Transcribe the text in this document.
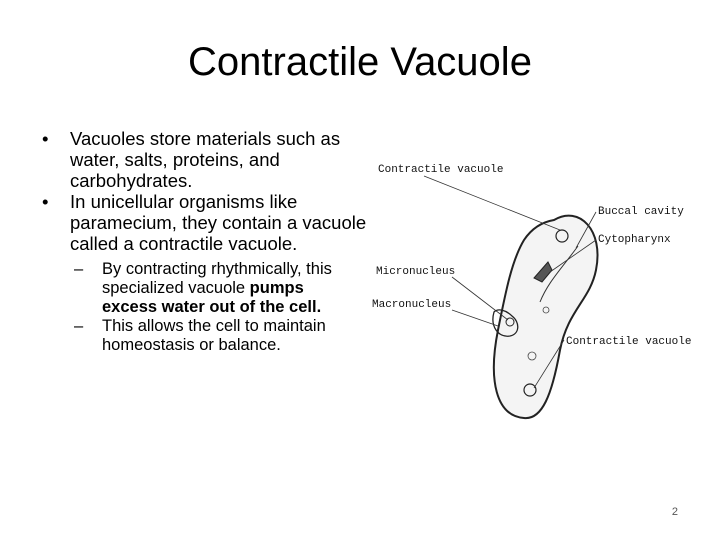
Contractile Vacuole
• Vacuoles store materials such as water, salts, proteins, and carbohydrates.
• In unicellular organisms like paramecium, they contain a vacuole called a contractile vacuole.
– By contracting rhythmically, this specialized vacuole pumps excess water out of the cell.
– This allows the cell to maintain homeostasis or balance.
Contractile vacuole
Buccal cavity
Cytopharynx
Micronucleus
Macronucleus
Contractile vacuole
2
